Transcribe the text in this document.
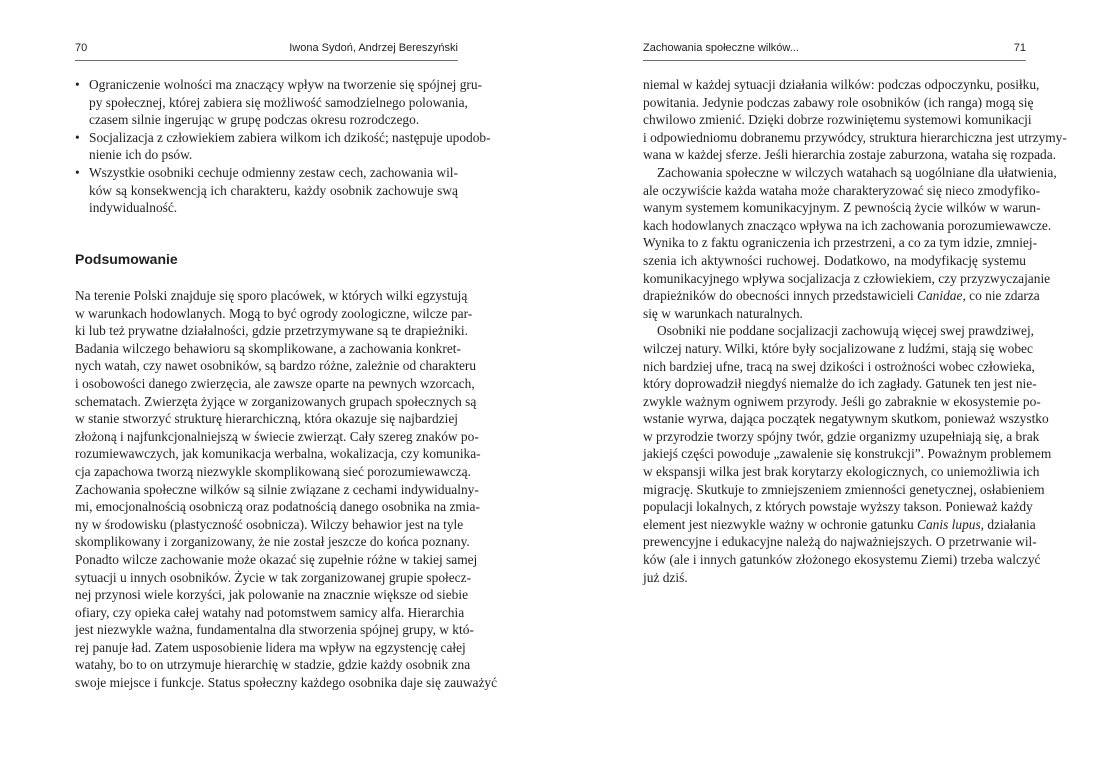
70	Iwona Sydoń, Andrzej Bereszyński
• Ograniczenie wolności ma znaczący wpływ na tworzenie się spójnej gru-
py społecznej, której zabiera się możliwość samodzielnego polowania,
czasem silnie ingerując w grupę podczas okresu rozrodczego.
• Socjalizacja z człowiekiem zabiera wilkom ich dzikość; następuje upodob-
nienie ich do psów.
• Wszystkie osobniki cechuje odmienny zestaw cech, zachowania wil-
ków są konsekwencją ich charakteru, każdy osobnik zachowuje swą
indywidualność.
Podsumowanie
Na terenie Polski znajduje się sporo placówek, w których wilki egzystują
w warunkach hodowlanych. Mogą to być ogrody zoologiczne, wilcze par-
ki lub też prywatne działalności, gdzie przetrzymywane są te drapieżniki.
Badania wilczego behawioru są skomplikowane, a zachowania konkret-
nych watah, czy nawet osobników, są bardzo różne, zależnie od charakteru
i osobowości danego zwierzęcia, ale zawsze oparte na pewnych wzorcach,
schematach. Zwierzęta żyjące w zorganizowanych grupach społecznych są
w stanie stworzyć strukturę hierarchiczną, która okazuje się najbardziej
złożoną i najfunkcjonalniejszą w świecie zwierząt. Cały szereg znaków po-
rozumiewawczych, jak komunikacja werbalna, wokalizacja, czy komunika-
cja zapachowa tworzą niezwykle skomplikowaną sieć porozumiewawczą.
Zachowania społeczne wilków są silnie związane z cechami indywidualny-
mi, emocjonalnością osobniczą oraz podatnością danego osobnika na zmia-
ny w środowisku (plastyczność osobnicza). Wilczy behawior jest na tyle
skomplikowany i zorganizowany, że nie został jeszcze do końca poznany.
Ponadto wilcze zachowanie może okazać się zupełnie różne w takiej samej
sytuacji u innych osobników. Życie w tak zorganizowanej grupie społecz-
nej przynosi wiele korzyści, jak polowanie na znacznie większe od siebie
ofiary, czy opieka całej watahy nad potomstwem samicy alfa. Hierarchia
jest niezwykle ważna, fundamentalna dla stworzenia spójnej grupy, w któ-
rej panuje ład. Zatem usposobienie lidera ma wpływ na egzystencję całej
watahy, bo to on utrzymuje hierarchię w stadzie, gdzie każdy osobnik zna
swoje miejsce i funkcje. Status społeczny każdego osobnika daje się zauważyć
Zachowania społeczne wilków...	71
niemal w każdej sytuacji działania wilków: podczas odpoczynku, posiłku,
powitania. Jedynie podczas zabawy role osobników (ich ranga) mogą się
chwilowo zmienić. Dzięki dobrze rozwiniętemu systemowi komunikacji
i odpowiedniomu dobranemu przywódcy, struktura hierarchiczna jest utrzymy-
wana w każdej sferze. Jeśli hierarchia zostaje zaburzona, wataha się rozpada.
Zachowania społeczne w wilczych watahach są uogólniane dla ułatwienia,
ale oczywiście każda wataha może charakteryzować się nieco zmodyfiko-
wanym systemem komunikacyjnym. Z pewnością życie wilków w warun-
kach hodowlanych znacząco wpływa na ich zachowania porozumiewawcze.
Wynika to z faktu ograniczenia ich przestrzeni, a co za tym idzie, zmniej-
szenia ich aktywności ruchowej. Dodatkowo, na modyfikację systemu
komunikacyjnego wpływa socjalizacja z człowiekiem, czy przyzwyczajanie
drapieżników do obecności innych przedstawicieli Canidae, co nie zdarza
się w warunkach naturalnych.
Osobniki nie poddane socjalizacji zachowują więcej swej prawdziwej,
wilczej natury. Wilki, które były socjalizowane z ludźmi, stają się wobec
nich bardziej ufne, tracą na swej dzikości i ostrożności wobec człowieka,
który doprowadził niegdyś niemalże do ich zagłady. Gatunek ten jest nie-
zwykle ważnym ogniwem przyrody. Jeśli go zabraknie w ekosystemie po-
wstanie wyrwa, dająca początek negatywnym skutkom, ponieważ wszystko
w przyrodzie tworzy spójny twór, gdzie organizmy uzupełniają się, a brak
jakiejś części powoduje „zawalenie się konstrukcji”. Poważnym problemem
w ekspansji wilka jest brak korytarzy ekologicznych, co uniemożliwia ich
migrację. Skutkuje to zmniejszeniem zmienności genetycznej, osłabieniem
populacji lokalnych, z których powstaje wyższy takson. Ponieważ każdy
element jest niezwykle ważny w ochronie gatunku Canis lupus, działania
prewencyjne i edukacyjne należą do najważniejszych. O przetrwanie wil-
ków (ale i innych gatunków złożonego ekosystemu Ziemi) trzeba walczyć
już dziś.
